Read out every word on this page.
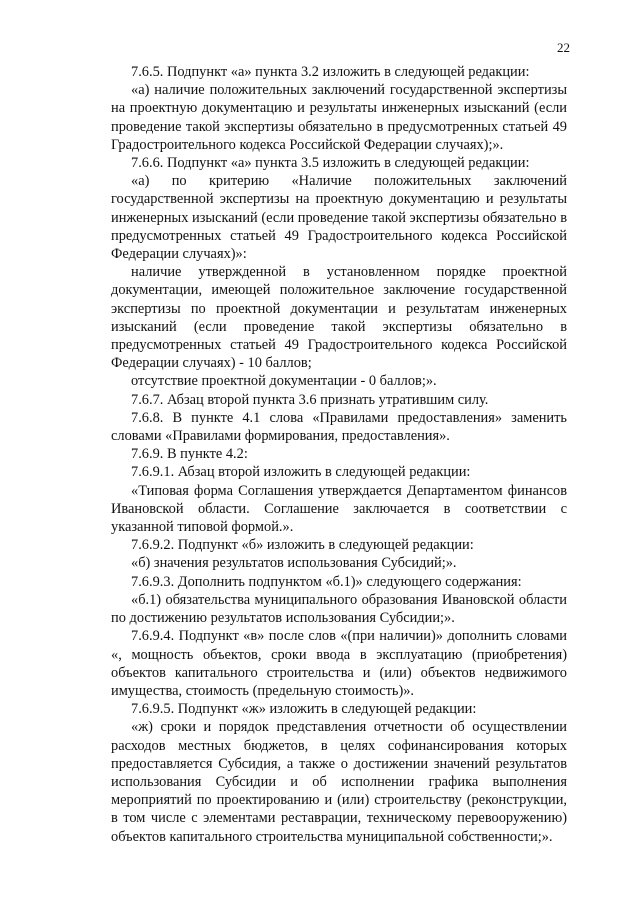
22

7.6.5. Подпункт «а» пункта 3.2 изложить в следующей редакции:

«а) наличие положительных заключений государственной экспертизы на проектную документацию и результаты инженерных изысканий (если проведение такой экспертизы обязательно в предусмотренных статьей 49 Градостроительного кодекса Российской Федерации случаях);».

7.6.6. Подпункт «а» пункта 3.5 изложить в следующей редакции:

«а) по критерию «Наличие положительных заключений государственной экспертизы на проектную документацию и результаты инженерных изысканий (если проведение такой экспертизы обязательно в предусмотренных статьей 49 Градостроительного кодекса Российской Федерации случаях)»:

наличие утвержденной в установленном порядке проектной документации, имеющей положительное заключение государственной экспертизы по проектной документации и результатам инженерных изысканий (если проведение такой экспертизы обязательно в предусмотренных статьей 49 Градостроительного кодекса Российской Федерации случаях) - 10 баллов;

отсутствие проектной документации - 0 баллов;».

7.6.7. Абзац второй пункта 3.6 признать утратившим силу.

7.6.8. В пункте 4.1 слова «Правилами предоставления» заменить словами «Правилами формирования, предоставления».

7.6.9. В пункте 4.2:

7.6.9.1. Абзац второй изложить в следующей редакции:

«Типовая форма Соглашения утверждается Департаментом финансов Ивановской области. Соглашение заключается в соответствии с указанной типовой формой.».

7.6.9.2. Подпункт «б» изложить в следующей редакции:

«б) значения результатов использования Субсидий;».

7.6.9.3. Дополнить подпунктом «б.1)» следующего содержания:

«б.1) обязательства муниципального образования Ивановской области по достижению результатов использования Субсидии;».

7.6.9.4. Подпункт «в» после слов «(при наличии)» дополнить словами «, мощность объектов, сроки ввода в эксплуатацию (приобретения) объектов капитального строительства и (или) объектов недвижимого имущества, стоимость (предельную стоимость)».

7.6.9.5. Подпункт «ж» изложить в следующей редакции:

«ж) сроки и порядок представления отчетности об осуществлении расходов местных бюджетов, в целях софинансирования которых предоставляется Субсидия, а также о достижении значений результатов использования Субсидии и об исполнении графика выполнения мероприятий по проектированию и (или) строительству (реконструкции, в том числе с элементами реставрации, техническому перевооружению) объектов капитального строительства муниципальной собственности;».
